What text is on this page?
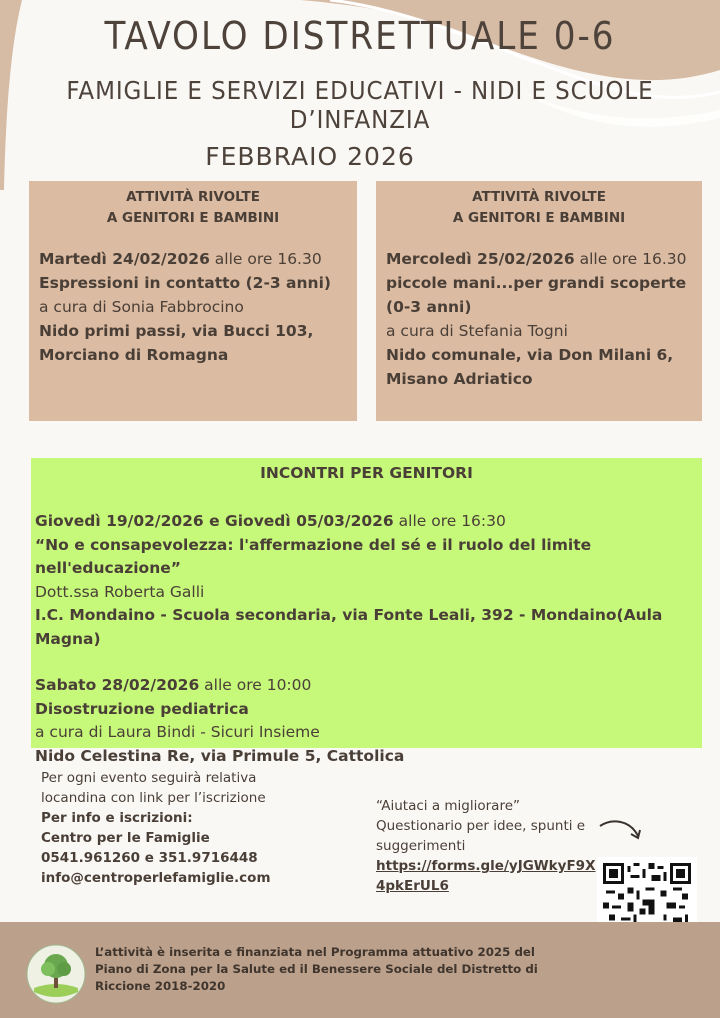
TAVOLO DISTRETTUALE 0-6
FAMIGLIE E SERVIZI EDUCATIVI - NIDI E SCUOLE D’INFANZIA
FEBBRAIO 2026
ATTIVITÀ RIVOLTE
A GENITORI E BAMBINI
Martedì 24/02/2026 alle ore 16.30
Espressioni in contatto (2-3 anni)
a cura di Sonia Fabbrocino
Nido primi passi, via Bucci 103, Morciano di Romagna
ATTIVITÀ RIVOLTE
A GENITORI E BAMBINI
Mercoledì 25/02/2026 alle ore 16.30
piccole mani...per grandi scoperte (0-3 anni)
a cura di Stefania Togni
Nido comunale, via Don Milani 6, Misano Adriatico
INCONTRI PER GENITORI
Giovedì 19/02/2026 e Giovedì 05/03/2026 alle ore 16:30
“No e consapevolezza: l'affermazione del sé e il ruolo del limite nell'educazione”
Dott.ssa Roberta Galli
I.C. Mondaino - Scuola secondaria, via Fonte Leali, 392 - Mondaino(Aula Magna)
Sabato 28/02/2026 alle ore 10:00
Disostruzione pediatrica
a cura di Laura Bindi - Sicuri Insieme
Nido Celestina Re, via Primule 5, Cattolica
Per ogni evento seguirà relativa locandina con link per l’iscrizione
Per info e iscrizioni:
Centro per le Famiglie
0541.961260 e 351.9716448
info@centroperlefamiglie.com
“Aiutaci a migliorare”
Questionario per idee, spunti e suggerimenti
https://forms.gle/yJGWkyF9X4pkErUL6
L’attività è inserita e finanziata nel Programma attuativo 2025 del Piano di Zona per la Salute ed il Benessere Sociale del Distretto di Riccione 2018-2020
